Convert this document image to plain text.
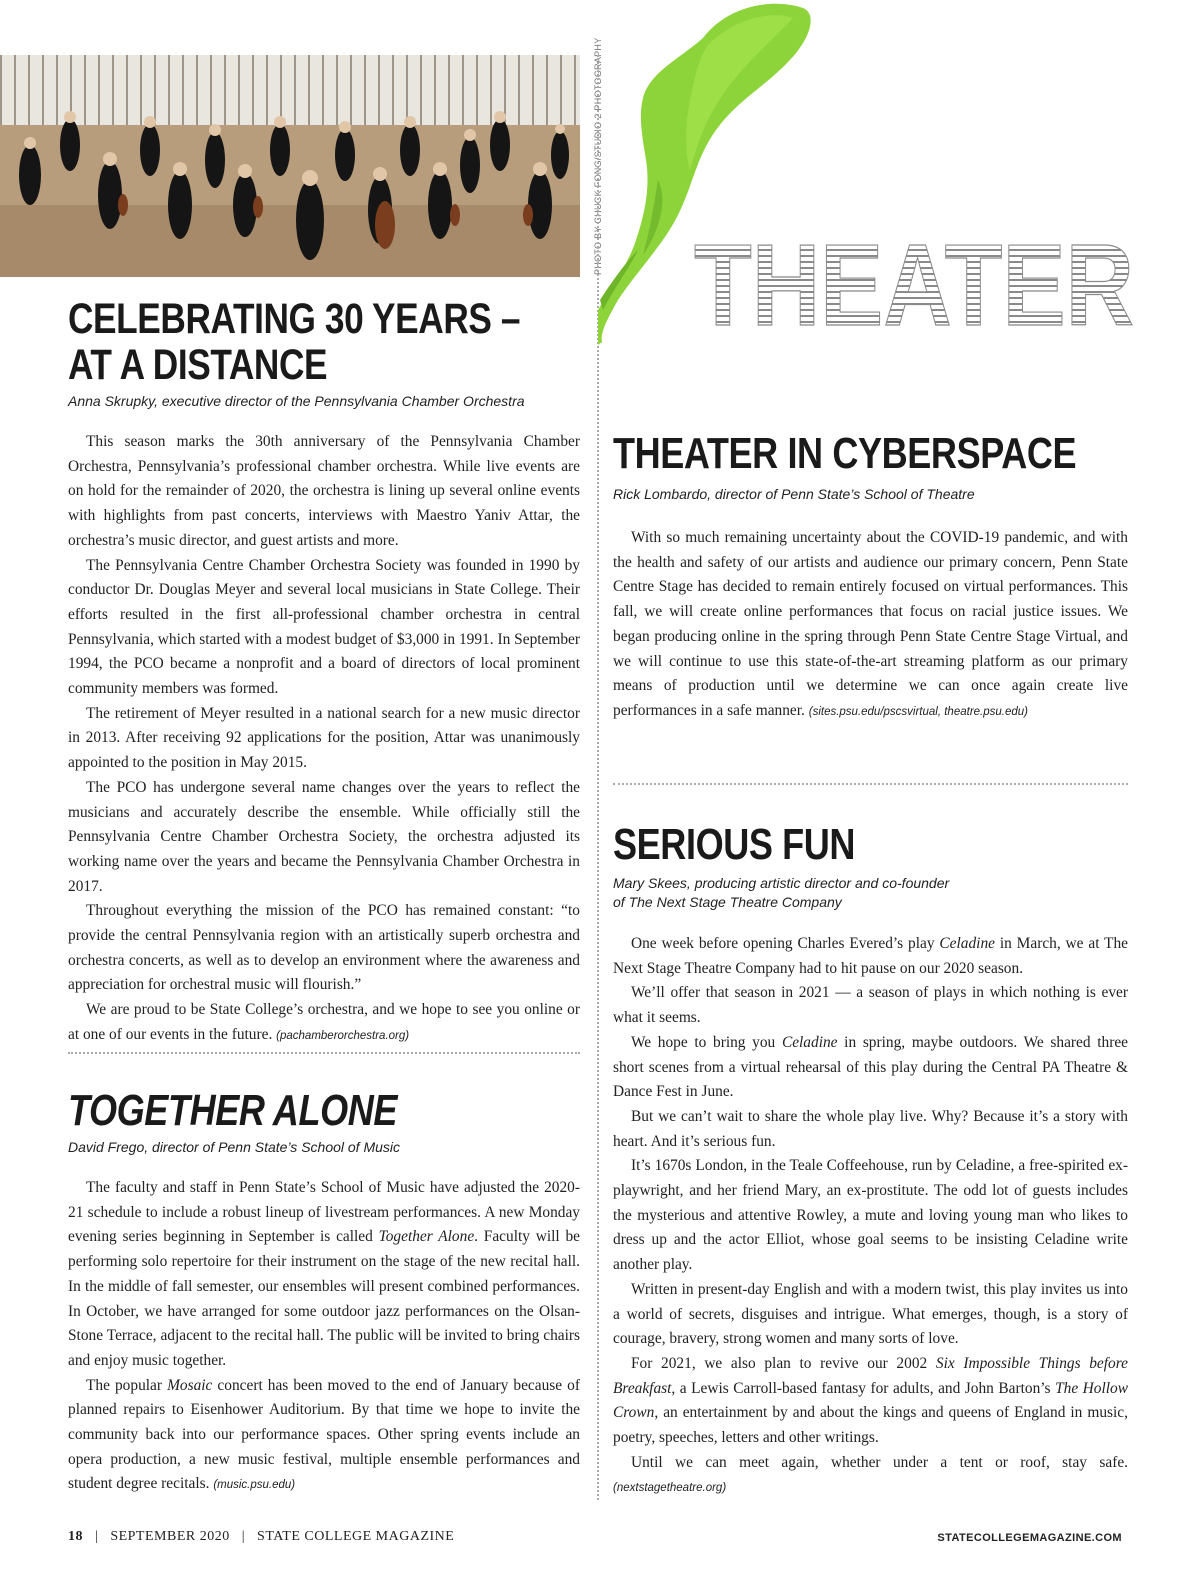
PHOTO BY CHUCK FONG/STUDIO 2 PHOTOGRAPHY
THEATER
CELEBRATING 30 YEARS –
AT A DISTANCE
Anna Skrupky, executive director of the Pennsylvania Chamber Orchestra

This season marks the 30th anniversary of the Pennsylvania Chamber Orchestra, Pennsylvania’s professional chamber orchestra. While live events are on hold for the remainder of 2020, the orchestra is lining up several online events with highlights from past concerts, interviews with Maestro Yaniv Attar, the orchestra’s music director, and guest artists and more.

The Pennsylvania Centre Chamber Orchestra Society was founded in 1990 by conductor Dr. Douglas Meyer and several local musicians in State College. Their efforts resulted in the first all-professional chamber orchestra in central Pennsylvania, which started with a modest budget of $3,000 in 1991. In September 1994, the PCO became a nonprofit and a board of directors of local prominent community members was formed.

The retirement of Meyer resulted in a national search for a new music director in 2013. After receiving 92 applications for the position, Attar was unanimously appointed to the position in May 2015.

The PCO has undergone several name changes over the years to reflect the musicians and accurately describe the ensemble. While officially still the Pennsylvania Centre Chamber Orchestra Society, the orchestra adjusted its working name over the years and became the Pennsylvania Chamber Orchestra in 2017.

Throughout everything the mission of the PCO has remained constant: “to provide the central Pennsylvania region with an artistically superb orchestra and orchestra concerts, as well as to develop an environment where the awareness and appreciation for orchestral music will flourish.”

We are proud to be State College’s orchestra, and we hope to see you online or at one of our events in the future. (pachamberorchestra.org)

TOGETHER ALONE
David Frego, director of Penn State’s School of Music

The faculty and staff in Penn State’s School of Music have adjusted the 2020-21 schedule to include a robust lineup of livestream performances. A new Monday evening series beginning in September is called Together Alone. Faculty will be performing solo repertoire for their instrument on the stage of the new recital hall. In the middle of fall semester, our ensembles will present combined performances. In October, we have arranged for some outdoor jazz performances on the Olsan-Stone Terrace, adjacent to the recital hall. The public will be invited to bring chairs and enjoy music together.

The popular Mosaic concert has been moved to the end of January because of planned repairs to Eisenhower Auditorium. By that time we hope to invite the community back into our performance spaces. Other spring events include an opera production, a new music festival, multiple ensemble performances and student degree recitals. (music.psu.edu)

THEATER IN CYBERSPACE
Rick Lombardo, director of Penn State’s School of Theatre

With so much remaining uncertainty about the COVID-19 pandemic, and with the health and safety of our artists and audience our primary concern, Penn State Centre Stage has decided to remain entirely focused on virtual performances. This fall, we will create online performances that focus on racial justice issues. We began producing online in the spring through Penn State Centre Stage Virtual, and we will continue to use this state-of-the-art streaming platform as our primary means of production until we determine we can once again create live performances in a safe manner. (sites.psu.edu/pscsvirtual, theatre.psu.edu)

SERIOUS FUN
Mary Skees, producing artistic director and co-founder
of The Next Stage Theatre Company

One week before opening Charles Evered’s play Celadine in March, we at The Next Stage Theatre Company had to hit pause on our 2020 season.

We’ll offer that season in 2021 — a season of plays in which nothing is ever what it seems.

We hope to bring you Celadine in spring, maybe outdoors. We shared three short scenes from a virtual rehearsal of this play during the Central PA Theatre & Dance Fest in June.

But we can’t wait to share the whole play live. Why? Because it’s a story with heart. And it’s serious fun.

It’s 1670s London, in the Teale Coffeehouse, run by Celadine, a free-spirited ex-playwright, and her friend Mary, an ex-prostitute. The odd lot of guests includes the mysterious and attentive Rowley, a mute and loving young man who likes to dress up and the actor Elliot, whose goal seems to be insisting Celadine write another play.

Written in present-day English and with a modern twist, this play invites us into a world of secrets, disguises and intrigue. What emerges, though, is a story of courage, bravery, strong women and many sorts of love.

For 2021, we also plan to revive our 2002 Six Impossible Things before Breakfast, a Lewis Carroll-based fantasy for adults, and John Barton’s The Hollow Crown, an entertainment by and about the kings and queens of England in music, poetry, speeches, letters and other writings.

Until we can meet again, whether under a tent or roof, stay safe. (nextstagetheatre.org)

18   |   SEPTEMBER 2020   |   STATE COLLEGE MAGAZINE	STATECOLLEGEMAGAZINE.COM
